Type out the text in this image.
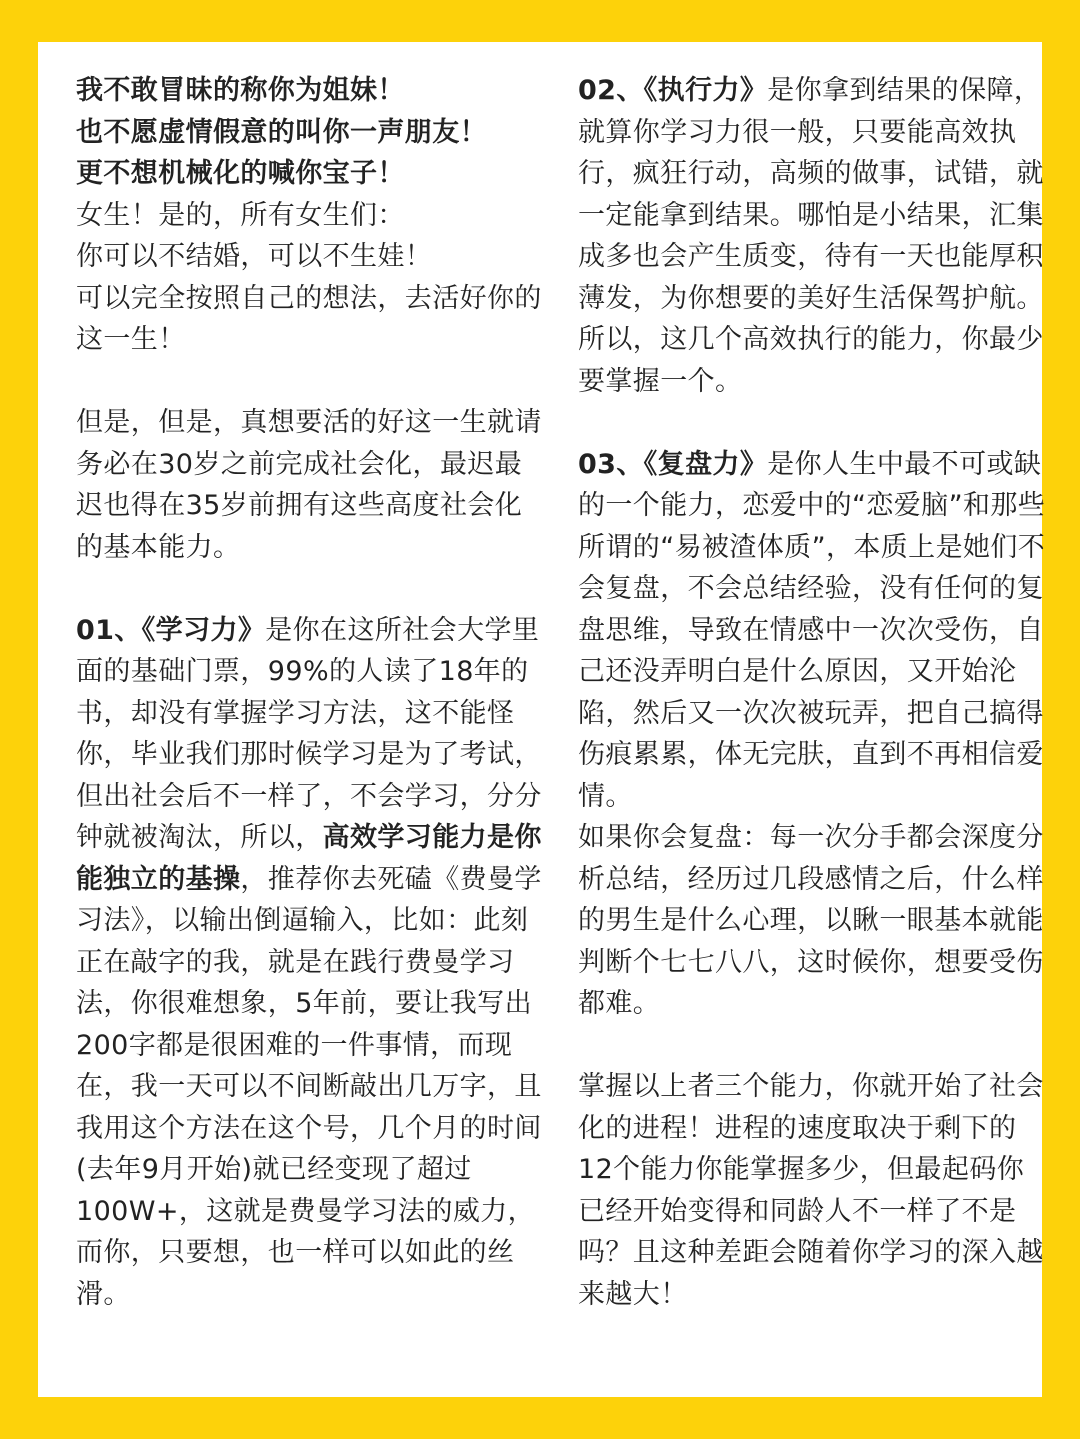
我不敢冒昧的称你为姐妹！

也不愿虚情假意的叫你一声朋友！

更不想机械化的喊你宝子！

女生！是的，所有女生们：

你可以不结婚，可以不生娃！

可以完全按照自己的想法，去活好你的这一生！

但是，但是，真想要活的好这一生就请务必在30岁之前完成社会化，最迟最迟也得在35岁前拥有这些高度社会化的基本能力。

01、《学习力》是你在这所社会大学里面的基础门票，99%的人读了18年的书，却没有掌握学习方法，这不能怪你，毕业我们那时候学习是为了考试，但出社会后不一样了，不会学习，分分钟就被淘汰，所以，高效学习能力是你能独立的基操，推荐你去死磕《费曼学习法》，以输出倒逼输入，比如：此刻正在敲字的我，就是在践行费曼学习法，你很难想象，5年前，要让我写出200字都是很困难的一件事情，而现在，我一天可以不间断敲出几万字，且我用这个方法在这个号，几个月的时间(去年9月开始)就已经变现了超过100W+，这就是费曼学习法的威力，而你，只要想，也一样可以如此的丝滑。

02、《执行力》是你拿到结果的保障，就算你学习力很一般，只要能高效执行，疯狂行动，高频的做事，试错，就一定能拿到结果。哪怕是小结果，汇集成多也会产生质变，待有一天也能厚积薄发，为你想要的美好生活保驾护航。所以，这几个高效执行的能力，你最少要掌握一个。

03、《复盘力》是你人生中最不可或缺的一个能力，恋爱中的“恋爱脑”和那些所谓的“易被渣体质”，本质上是她们不会复盘，不会总结经验，没有任何的复盘思维，导致在情感中一次次受伤，自己还没弄明白是什么原因，又开始沦陷，然后又一次次被玩弄，把自己搞得伤痕累累，体无完肤，直到不再相信爱情。

如果你会复盘：每一次分手都会深度分析总结，经历过几段感情之后，什么样的男生是什么心理，以瞅一眼基本就能判断个七七八八，这时候你，想要受伤都难。

掌握以上者三个能力，你就开始了社会化的进程！进程的速度取决于剩下的12个能力你能掌握多少，但最起码你已经开始变得和同龄人不一样了不是吗？且这种差距会随着你学习的深入越来越大！
